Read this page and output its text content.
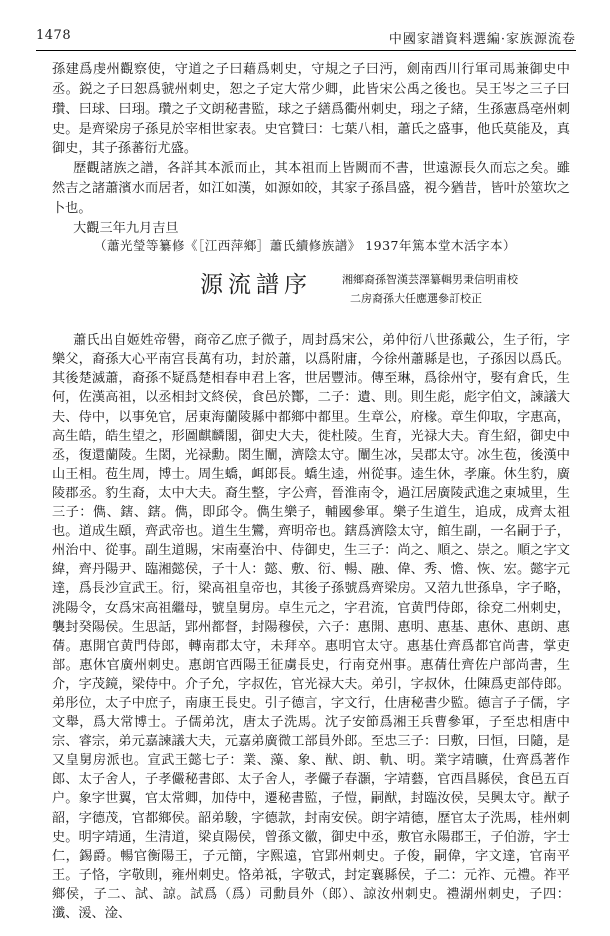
1478	中國家譜資料選編·家族源流卷

孫建爲虔州觀察使，守道之子曰藉爲刺史，守規之子曰沔，劍南西川行軍司馬兼御史中丞。鋭之子曰恕爲虢州刺史，恕之子定大常少卿，此皆宋公禹之後也。吴王岑之三子曰瓚、曰球、曰珝。瓚之子文朗秘書監，球之子繕爲衢州刺史，珝之子緒，生孫憲爲亳州刺史。是齊梁房子孫見於宰相世家表。史官贊曰：七葉八相，蕭氏之盛事，他氏莫能及，真御史，其子孫蕃衍尤盛。

歷觀諸族之譜，各詳其本派而止，其本祖而上皆闕而不書，世遠源長久而忘之矣。雖然吉之諸蕭濱水而居者，如江如漢，如源如皎，其家子孫昌盛，視今猶昔，皆叶於筮坎之卜也。

大觀三年九月吉旦

（蕭光瑩等纂修《［江西萍鄉］蕭氏續修族譜》 1937年篤本堂木活字本）
源流譜序	湘鄉裔孫智漢芸澤纂輯男秉信明甫校
二房裔孫大任應選參訂校正

蕭氏出自姬姓帝嚳，商帝乙庶子微子，周封爲宋公，弟仲衍八世孫戴公，生子衎，字樂父，裔孫大心平南宫長萬有功，封於蕭，以爲附庸，今徐州蕭縣是也，子孫因以爲氏。其後楚滅蕭，裔孫不疑爲楚相春申君上客，世居豐沛。傳至琳，爲徐州守，娶有倉氏，生何，佐漢高祖，以丞相封文終侯，食邑於酇，二子：遺、則。則生彪，彪字伯文，諫議大夫、侍中，以事免官，居東海蘭陵縣中都鄉中都里。生章公，府椽。章生仰取，字惠高，高生皓，皓生望之，形圖麒麟閣，御史大夫，徙杜陵。生育，光禄大夫。育生紹，御史中丞，復還蘭陵。生閎，光禄勳。閎生闡，濟陰太守。闡生冰，吴郡太守。冰生苞，後漢中山王相。苞生周，博士。周生蟜，衈郎長。蟜生逵，州從事。逵生休，孝廉。休生豹，廣陵郡丞。豹生裔，太中大夫。裔生整，字公齊，晉淮南令，過江居廣陵武進之東城里，生三子：儁、鎋、鎋。儁，即邱令。儁生樂子，輔國參軍。樂子生道生，追成，成齊太祖也。道成生頤，齊武帝也。道生生鸞，齊明帝也。鎋爲濟陰太守，館生副，一名嗣于子，州治中、從事。副生道賜，宋南臺治中、侍御史，生三子：尚之、順之、崇之。順之字文緯，齊丹陽尹、臨湘懿侯，子十人：懿、敷、衍、暢、融、偉、秀、憺、恢、宏。懿字元達，爲長沙宣武王。衍，梁高祖皇帝也，其後子孫號爲齊梁房。又菬九世孫阜，字子略，洮陽令，女爲宋高祖繼母，號皇舅房。卓生元之，字君流，官黄門侍郎，徐兗二州刺史，襲封癸陽侯。生思話，郢州都督，封陽穆侯，六子：惠開、惠明、惠基、惠休、惠朗、惠蒨。惠開官黄門侍郎，轉南郡太守，未拜卒。惠明官太守。惠基仕齊爲都官尚書，掌吏部。惠休官廣州刺史。惠朗官西陽王征虜長史，行南兗州事。惠蒨仕齊佐户部尚書，生介，字茂鏡，梁侍中。介子允，字叔佐，官光禄大夫。弟引，字叔休，仕陳爲吏部侍郎。弟彤位，太子中庶子，南康王長史。引子德言，字文行，仕唐秘書少監。德言子子儒，字文舉，爲大常博士。子儒弟沈，唐太子洗馬。沈子安節爲湘王兵曹參軍，子至忠相唐中宗、睿宗，弟元嘉諫議大夫，元嘉弟廣微工部員外郎。至忠三子：曰敷，曰恒，曰隨，是又皇舅房派也。宣武王懿七子：業、藻、象、猷、朗、軌、明。業字靖曠，仕齊爲著作郎、太子舍人，子孝儼秘書郎、太子舍人，孝儼子春灝，字靖藝，官西昌縣侯，食邑五百户。象字世翼，官太常卿，加侍中，遷秘書監，子愷，嗣猷，封臨汝侯，吴興太守。猷子韶，字德茂，官都鄉侯。韶弟駿，字德款，封南安侯。朗字靖德，歷官太子洗馬，桂州刺史。明字靖通，生清道，梁貞陽侯，曾孫文徽，御史中丞，敷官永陽郡王，子伯游，字士仁，錫爵。暢官衡陽王，子元簡，字熙遠，官郢州刺史。子俊，嗣偉，字文達，官南平王。子恪，字敬則，雍州刺史。恪弟祗，字敬式，封定襄縣侯，子二：元祚、元禮。祚平鄉侯，子二、試、諒。試爲（爲）司勳員外（郎）、諒汝州刺史。禮湖州刺史，子四：瀸、湲、淦、
